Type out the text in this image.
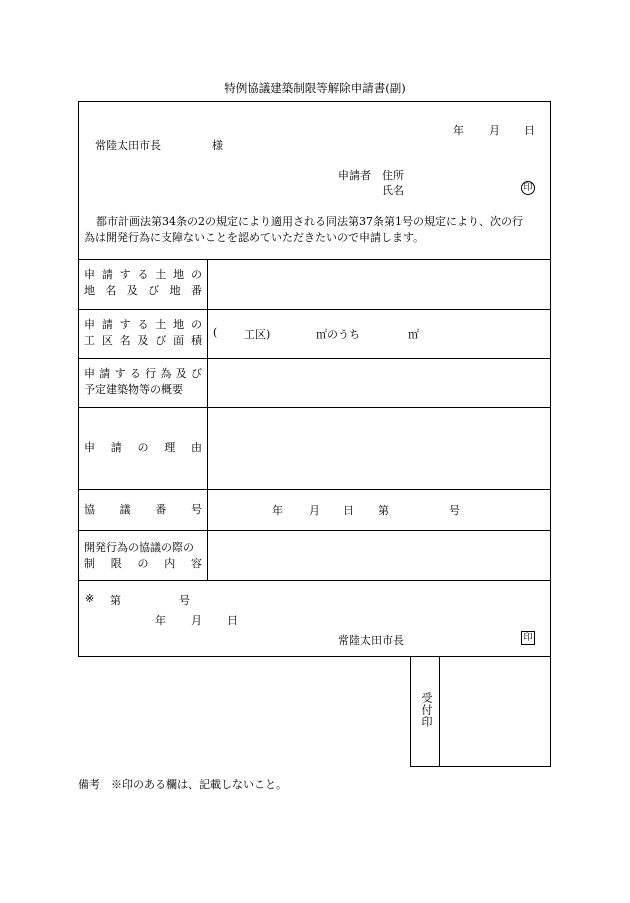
特例協議建築制限等解除申請書(副)
年 月 日
常陸太田市長	様
申請者 住所
氏名	印
都市計画法第34条の2の規定により適用される同法第37条第1号の規定により、次の行
為は開発行為に支障ないことを認めていただきたいので申請します。
申 請 す る 土 地 の
地 名 及 び 地 番
申 請 す る 土 地 の
工 区 名 及 び 面 積
( 工区)	㎡のうち	㎡
申 請 す る 行 為 及 び
予定建築物等の概要
申 請 の 理 由
協 議 番 号	年 月 日 第	号
開発行為の協議の際の
制 限 の 内 容
※ 第	号
年 月 日
常陸太田市長	印
受付印
備考　※印のある欄は、記載しないこと。
